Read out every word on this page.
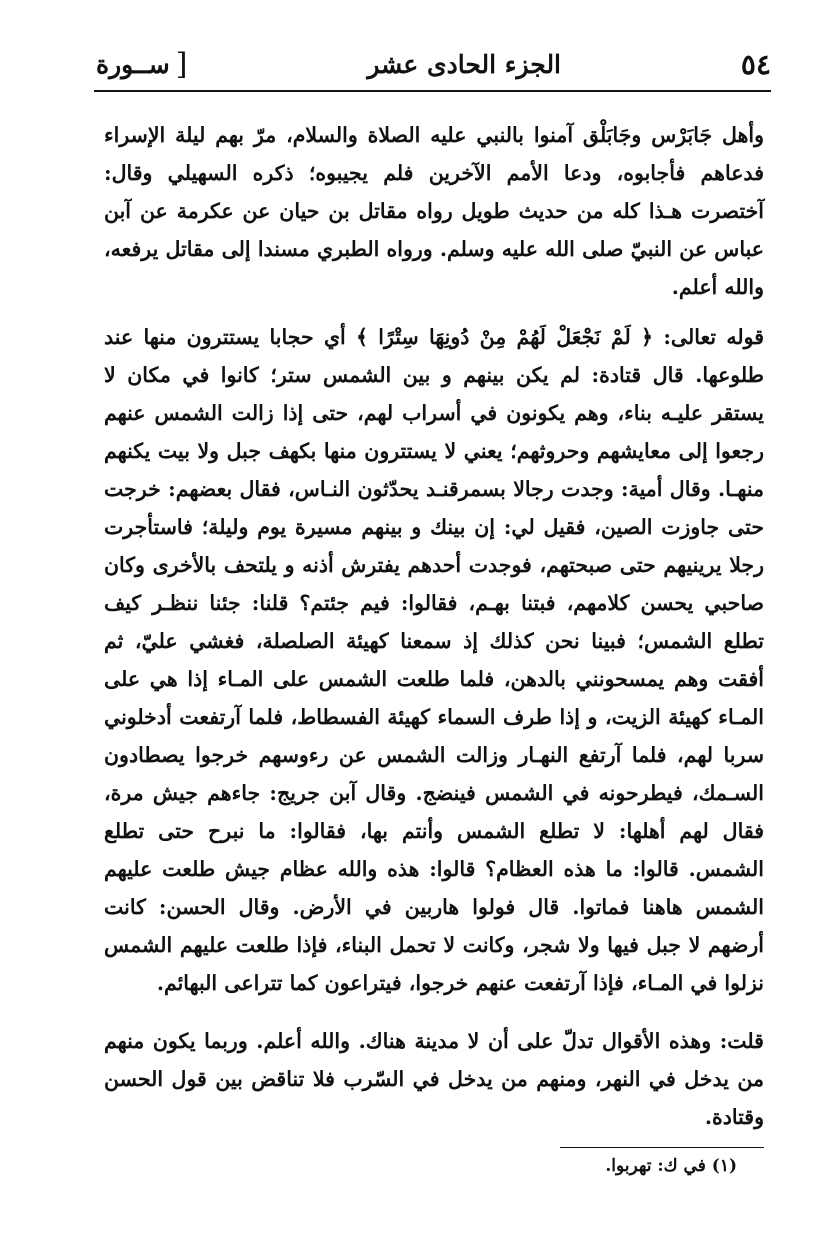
٥٤
الجزء الحادى عشر
[
ســورة

وأهل جَابَرْس وجَابَلْق آمنوا بالنبي عليه الصلاة والسلام، مرّ بهم ليلة الإسراء فدعاهم فأجابوه، ودعا الأمم الآخرين فلم يجيبوه؛ ذكره السهيلي وقال: آختصرت هـذا كله من حديث طويل رواه مقاتل بن حيان عن عكرمة عن آبن عباس عن النبيّ صلى الله عليه وسلم. ورواه الطبري مسندا إلى مقاتل يرفعه، والله أعلم.

قوله تعالى: ﴿ لَمْ نَجْعَلْ لَهُمْ مِنْ دُونِهَا سِتْرًا ﴾ أي حجابا يستترون منها عند طلوعها. قال قتادة: لم يكن بينهم و بين الشمس ستر؛ كانوا في مكان لا يستقر عليـه بناء، وهم يكونون في أسراب لهم، حتى إذا زالت الشمس عنهم رجعوا إلى معايشهم وحروثهم؛ يعني لا يستترون منها بكهف جبل ولا بيت يكنهم منهـا. وقال أمية: وجدت رجالا بسمرقنـد يحدّثون النـاس، فقال بعضهم: خرجت حتى جاوزت الصين، فقيل لي: إن بينك و بينهم مسيرة يوم وليلة؛ فاستأجرت رجلا يرينيهم حتى صبحتهم، فوجدت أحدهم يفترش أذنه و يلتحف بالأخرى وكان صاحبي يحسن كلامهم، فبتنا بهـم، فقالوا: فيم جئتم؟ قلنا: جئنا ننظـر كيف تطلع الشمس؛ فبينا نحن كذلك إذ سمعنا كهيئة الصلصلة، فغشي عليّ، ثم أفقت وهم يمسحونني بالدهن، فلما طلعت الشمس على المـاء إذا هي على المـاء كهيئة الزيت، و إذا طرف السماء كهيئة الفسطاط، فلما آرتفعت أدخلوني سربا لهم، فلما آرتفع النهـار وزالت الشمس عن رءوسهم خرجوا يصطادون السـمك، فيطرحونه في الشمس فينضج. وقال آبن جريج: جاءهم جيش مرة، فقال لهم أهلها: لا تطلع الشمس وأنتم بها، فقالوا: ما نبرح حتى تطلع الشمس. قالوا: ما هذه العظام؟ قالوا: هذه والله عظام جيش طلعت عليهم الشمس هاهنا فماتوا. قال فولوا هاربين في الأرض. وقال الحسن: كانت أرضهم لا جبل فيها ولا شجر، وكانت لا تحمل البناء، فإذا طلعت عليهم الشمس نزلوا في المـاء، فإذا آرتفعت عنهم خرجوا، فيتراعون كما تتراعى البهائم.

قلت: وهذه الأقوال تدلّ على أن لا مدينة هناك. والله أعلم. وربما يكون منهم من يدخل في النهر، ومنهم من يدخل في السّرب فلا تناقض بين قول الحسن وقتادة.

(١) في ك: تهربوا.
